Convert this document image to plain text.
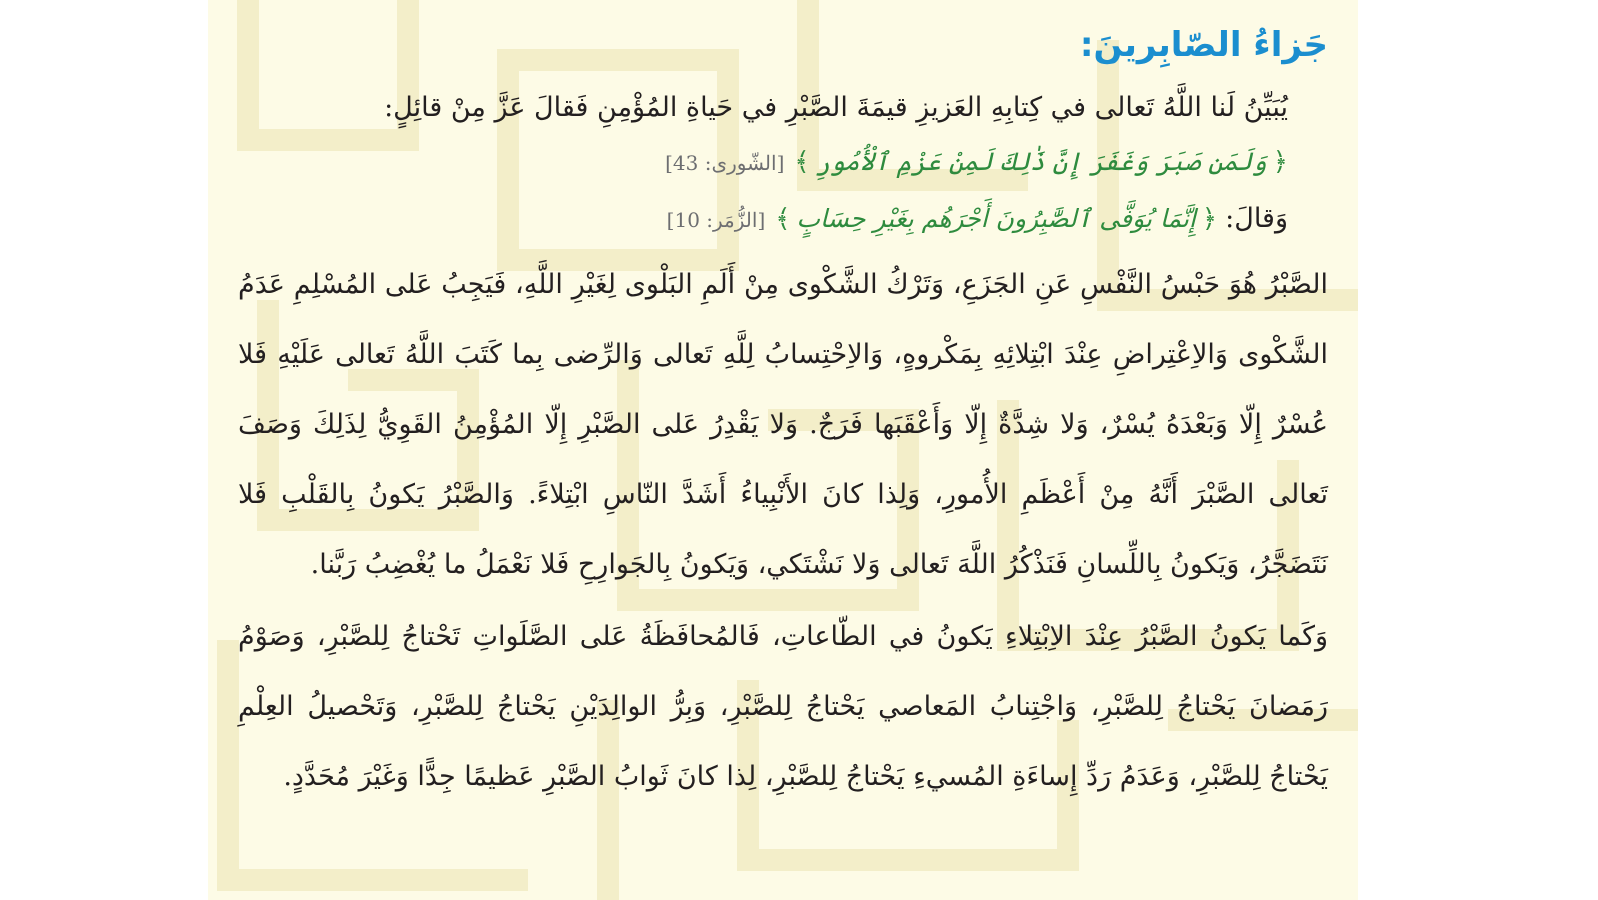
جَزاءُ الصّابِرينَ:

يُبَيِّنُ لَنا اللَّهُ تَعالى في كِتابِهِ العَزيزِ قيمَةَ الصَّبْرِ في حَياةِ المُؤْمِنِ فَقالَ عَزَّ مِنْ قائِلٍ:

﴿وَلَمَن صَبَرَ وَغَفَرَ إِنَّ ذَٰلِكَ لَمِنْ عَزْمِ ٱلْأُمُورِ﴾[الشّورى: 43]
وَقالَ:﴿إِنَّمَا يُوَفَّى ٱلصَّٰبِرُونَ أَجْرَهُم بِغَيْرِ حِسَابٍ﴾[الزُّمَر: 10]

الصَّبْرُ هُوَ حَبْسُ النَّفْسِ عَنِ الجَزَعِ، وَتَرْكُ الشَّكْوى مِنْ أَلَمِ البَلْوى لِغَيْرِ اللَّهِ، فَيَجِبُ عَلى المُسْلِمِ عَدَمُ الشَّكْوى وَالاِعْتِراضِ عِنْدَ ابْتِلائِهِ بِمَكْروهٍ، وَالاِحْتِسابُ لِلَّهِ تَعالى وَالرِّضى بِما كَتَبَ اللَّهُ تَعالى عَلَيْهِ فَلا عُسْرٌ إِلّا وَبَعْدَهُ يُسْرٌ، وَلا شِدَّةٌ إِلّا وَأَعْقَبَها فَرَجٌ. وَلا يَقْدِرُ عَلى الصَّبْرِ إِلّا المُؤْمِنُ القَوِيُّ لِذَلِكَ وَصَفَ تَعالى الصَّبْرَ أَنَّهُ مِنْ أَعْظَمِ الأُمورِ، وَلِذا كانَ الأَنْبِياءُ أَشَدَّ النّاسِ ابْتِلاءً. وَالصَّبْرُ يَكونُ بِالقَلْبِ فَلا نَتَضَجَّرُ، وَيَكونُ بِاللِّسانِ فَنَذْكُرُ اللَّهَ تَعالى وَلا نَشْتَكي، وَيَكونُ بِالجَوارِحِ فَلا نَعْمَلُ ما يُغْضِبُ رَبَّنا.

وَكَما يَكونُ الصَّبْرُ عِنْدَ الاِبْتِلاءِ يَكونُ في الطّاعاتِ، فَالمُحافَظَةُ عَلى الصَّلَواتِ تَحْتاجُ لِلصَّبْرِ، وَصَوْمُ رَمَضانَ يَحْتاجُ لِلصَّبْرِ، وَاجْتِنابُ المَعاصي يَحْتاجُ لِلصَّبْرِ، وَبِرُّ الوالِدَيْنِ يَحْتاجُ لِلصَّبْرِ، وَتَحْصيلُ العِلْمِ يَحْتاجُ لِلصَّبْرِ، وَعَدَمُ رَدِّ إِساءَةِ المُسيءِ يَحْتاجُ لِلصَّبْرِ، لِذا كانَ ثَوابُ الصَّبْرِ عَظيمًا جِدًّا وَغَيْرَ مُحَدَّدٍ.
